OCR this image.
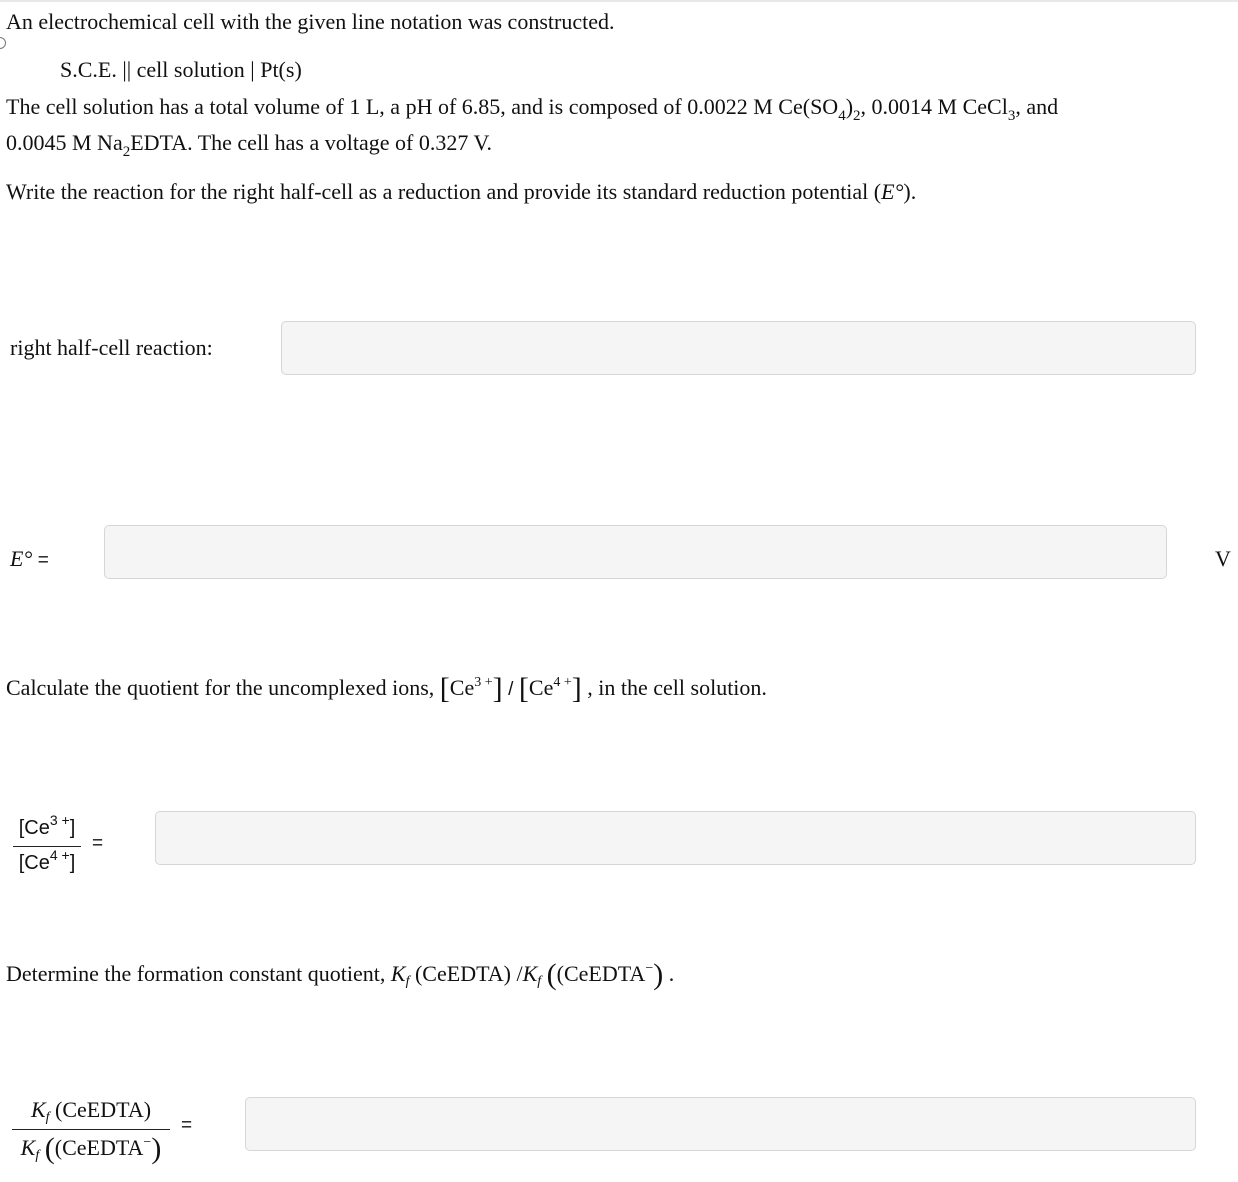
An electrochemical cell with the given line notation was constructed.
S.C.E. || cell solution | Pt(s)
The cell solution has a total volume of 1 L, a pH of 6.85, and is composed of 0.0022 M $Ce(SO_4)_2$, 0.0014 M CeCl$_3$, and
0.0045 M $Na_2EDTA$. The cell has a voltage of 0.327 V.
Write the reaction for the right half-cell as a reduction and provide its standard reduction potential (E°).
right half-cell reaction:
E° =	V
Calculate the quotient for the uncomplexed ions, $[Ce^{3 +}] / [Ce^{4 +}]$ , in the cell solution.
$[Ce^{3 +}]$
$[Ce^{4 +}]$
=
Determine the formation constant quotient, Kf (CeEDTA) /Kf ((CeEDTA−) .
Kf (CeEDTA)
Kf ((CeEDTA−)
=
